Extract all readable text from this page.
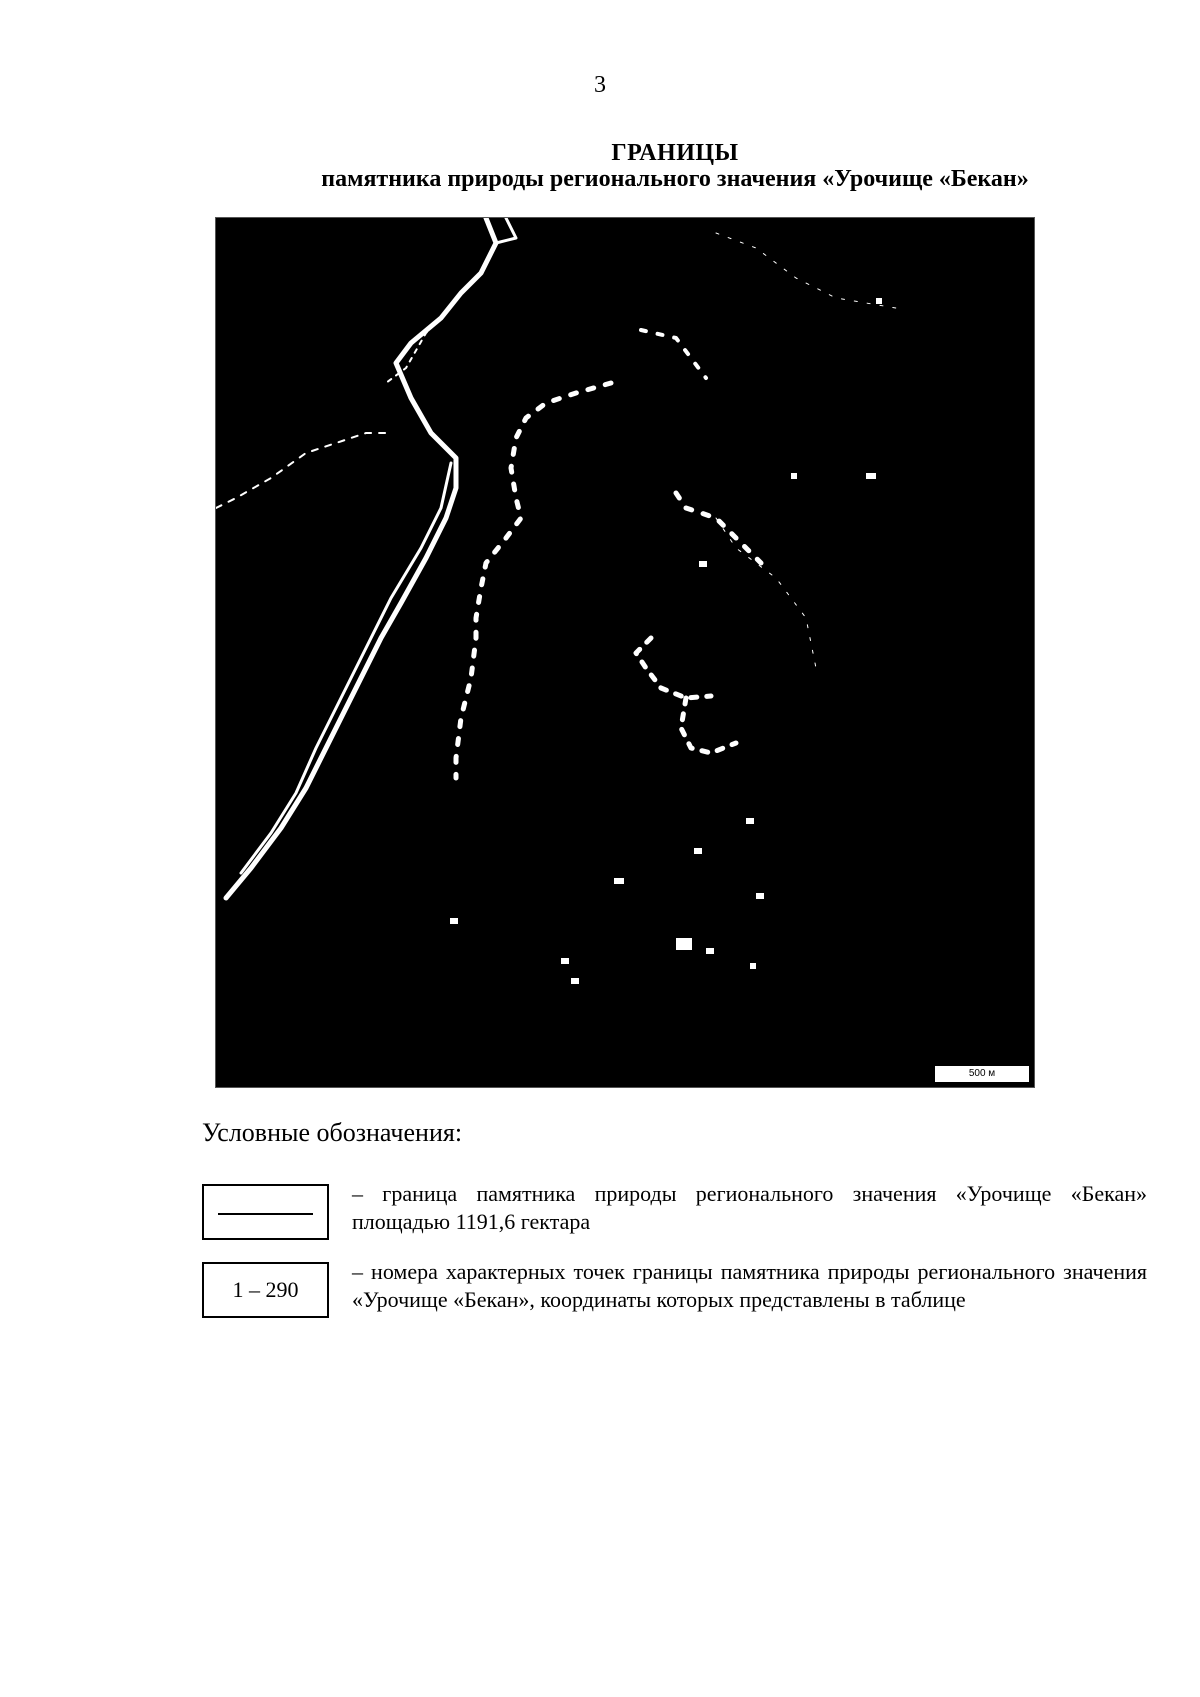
3
ГРАНИЦЫ
памятника природы регионального значения «Урочище «Бекан»
500 м
Условные обозначения:
– граница памятника природы регионального значения «Урочище «Бекан» площадью 1191,6 гектара
1 – 290
– номера характерных точек границы памятника природы регионального значения «Урочище «Бекан», координаты которых представлены в таблице
